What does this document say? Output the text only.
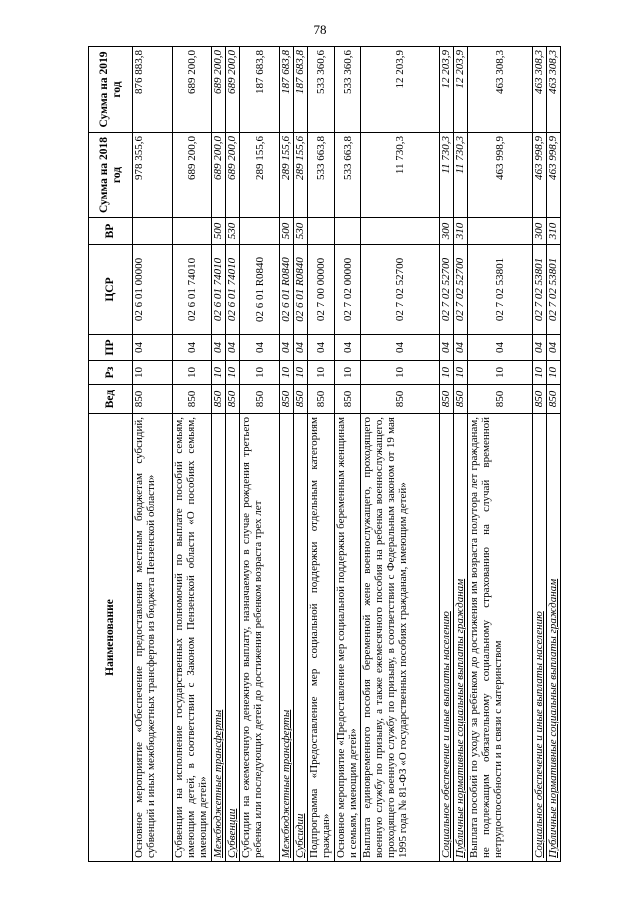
78
Наименование	Вед	Рз	ПР	ЦСР	ВР	Сумма на 2018 год	Сумма на 2019 год
Основное мероприятие «Обеспечение предоставления местным бюджетам субсидий, субвенций и иных межбюджетных трансфертов из бюджета Пензенской области»	850	10	04	02 6 01 00000		978 355,6	876 883,8
Субвенции на исполнение государственных полномочий по выплате пособий семьям, имеющим детей, в соответствии с Законом Пензенской области «О пособиях семьям, имеющим детей»	850	10	04	02 6 01 74010		689 200,0	689 200,0
Межбюджетные трансферты	850	10	04	02 6 01 74010	500	689 200,0	689 200,0
Субвенции	850	10	04	02 6 01 74010	530	689 200,0	689 200,0
Субсидии на ежемесячную денежную выплату, назначаемую в случае рождения третьего ребенка или последующих детей до достижения ребенком возраста трех лет	850	10	04	02 6 01 R0840		289 155,6	187 683,8
Межбюджетные трансферты	850	10	04	02 6 01 R0840	500	289 155,6	187 683,8
Субсидии	850	10	04	02 6 01 R0840	530	289 155,6	187 683,8
Подпрограмма «Предоставление мер социальной поддержки отдельным категориям граждан»	850	10	04	02 7 00 00000		533 663,8	533 360,6
Основное мероприятие «Предоставление мер социальной поддержки беременным женщинам и семьям, имеющим детей»	850	10	04	02 7 02 00000		533 663,8	533 360,6
Выплата единовременного пособия беременной жене военнослужащего, проходящего военную службу по призыву, а также ежемесячного пособия на ребенка военнослужащего, проходящего военную службу по призыву, в соответствии с Федеральным законом от 19 мая 1995 года № 81-ФЗ «О государственных пособиях гражданам, имеющим детей»	850	10	04	02 7 02 52700		11 730,3	12 203,9
Социальное обеспечение и иные выплаты населению	850	10	04	02 7 02 52700	300	11 730,3	12 203,9
Публичные нормативные социальные выплаты гражданам	850	10	04	02 7 02 52700	310	11 730,3	12 203,9
Выплата пособий по уходу за ребёнком до достижения им возраста полутора лет гражданам, не подлежащим обязательному социальному страхованию на случай временной нетрудоспособности и в связи с материнством	850	10	04	02 7 02 53801		463 998,9	463 308,3
Социальное обеспечение и иные выплаты населению	850	10	04	02 7 02 53801	300	463 998,9	463 308,3
Публичные нормативные социальные выплаты гражданам	850	10	04	02 7 02 53801	310	463 998,9	463 308,3
